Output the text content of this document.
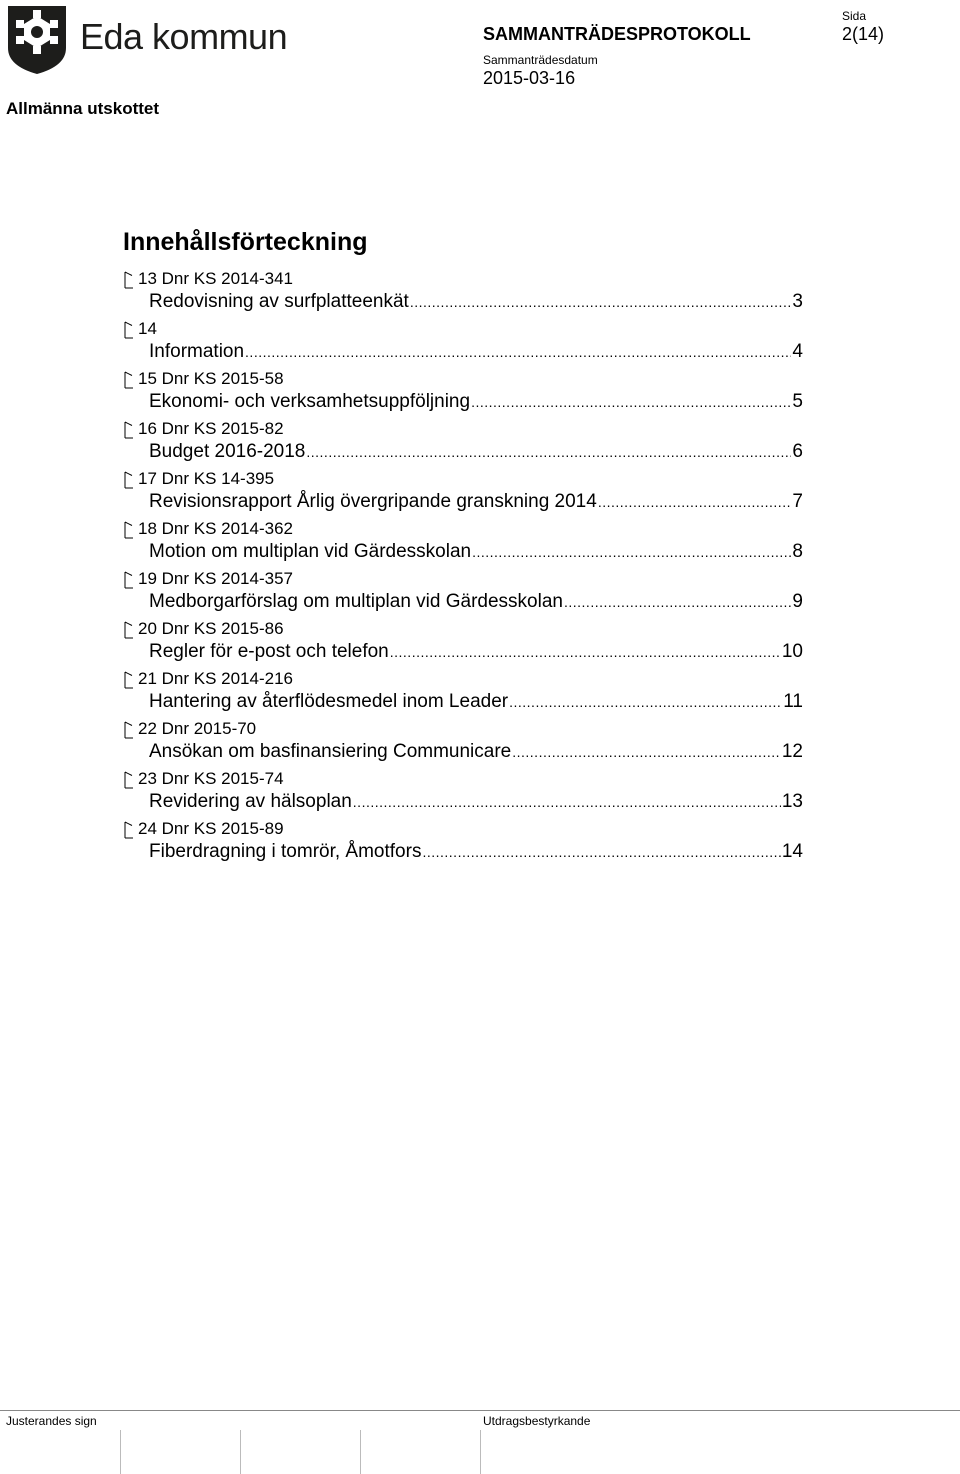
Eda kommun
Allmänna utskottet
SAMMANTRÄDESPROTOKOLL
Sammanträdesdatum
2015-03-16
Sida
2(14)
Innehållsförteckning
13 Dnr KS 2014-341
Redovisning av surfplatteenkät .....	3
14
Information .....	4
15 Dnr KS 2015-58
Ekonomi- och verksamhetsuppföljning .....	5
16 Dnr KS 2015-82
Budget 2016-2018 .....	6
17 Dnr KS 14-395
Revisionsrapport Årlig övergripande granskning 2014 .....	7
18 Dnr KS 2014-362
Motion om multiplan vid Gärdesskolan .....	8
19 Dnr KS 2014-357
Medborgarförslag om multiplan vid Gärdesskolan .....	9
20 Dnr KS 2015-86
Regler för e-post och telefon .....	10
21 Dnr KS 2014-216
Hantering av återflödesmedel inom Leader .....	11
22 Dnr 2015-70
Ansökan om basfinansiering Communicare .....	12
23 Dnr KS 2015-74
Revidering av hälsoplan .....	13
24 Dnr KS 2015-89
Fiberdragning i tomrör, Åmotfors .....	14
Justerandes sign	Utdragsbestyrkande
